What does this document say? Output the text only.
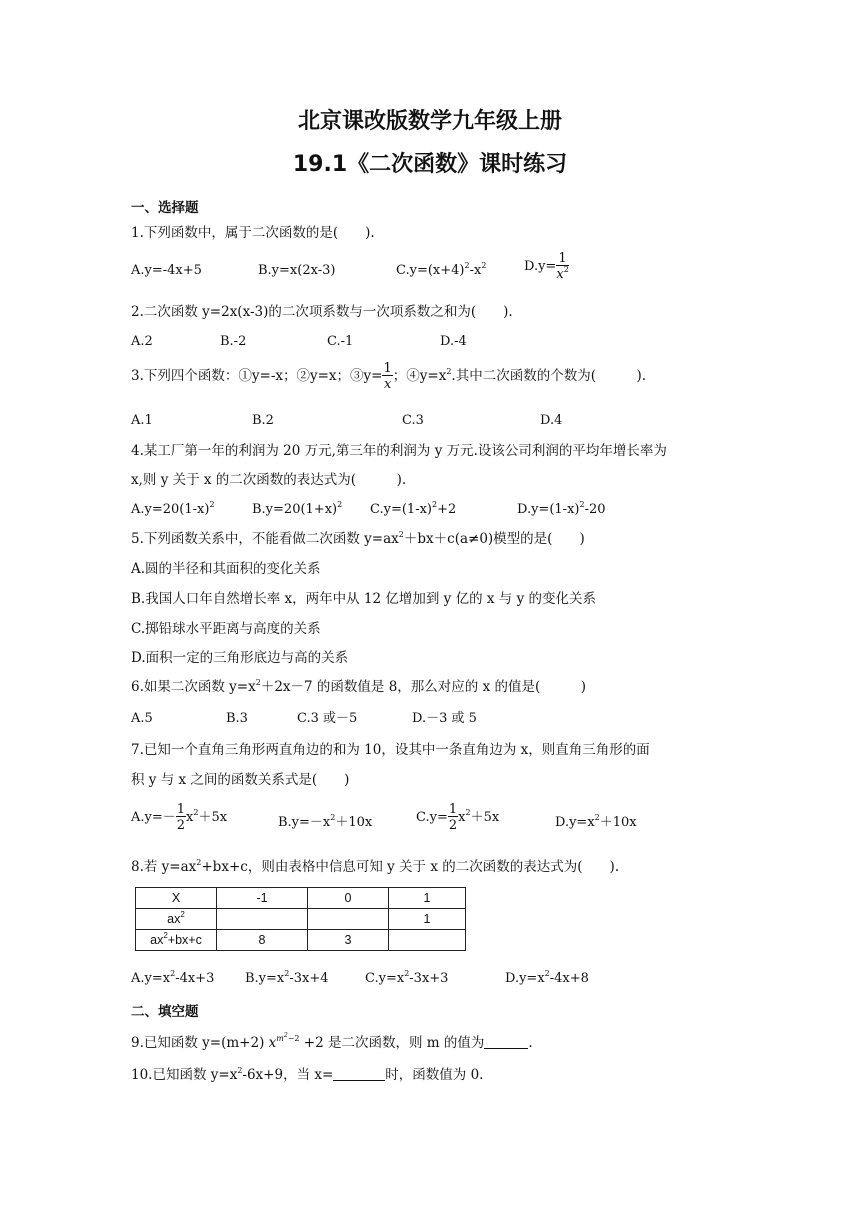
北京课改版数学九年级上册
19.1《二次函数》课时练习
一、选择题
1.下列函数中，属于二次函数的是(　　).
A.y=-4x+5	B.y=x(2x-3)	$C.y=(x+4)^2-x^2$	$D.y= \frac{1}{x^2}$
2.二次函数 y=2x(x-3)的二次项系数与一次项系数之和为(　　).
A.2	B.-2	C.-1	D.-4
3.下列四个函数：①y=-x；②y=x；③y= $\frac{1}{x}$ ；$④y=x^2$.其中二次函数的个数为(　　　).
A.1	B.2	C.3	D.4
4.某工厂第一年的利润为 20 万元,第三年的利润为 y 万元.设该公司利润的平均年增长率为
x,则 y 关于 x 的二次函数的表达式为(　　　).
$A.y=20(1-x)^2$	$B.y=20(1+x)^2$ $C.y=(1-x)^2+2$	$D.y=(1-x)^2-20$
5.下列函数关系中，不能看做二次函数 $y=ax^2+bx+c(a\ne 0)$模型的是(　　)
A.圆的半径和其面积的变化关系
B.我国人口年自然增长率 x，两年中从 12 亿增加到 y 亿的 x 与 y 的变化关系
C.掷铅球水平距离与高度的关系
D.面积一定的三角形底边与高的关系
6.如果二次函数 $y=x^2+2x-7$ 的函数值是 8，那么对应的 x 的值是(　　　)
A.5	B.3	C.3 或－5	D.－3 或 5
7.已知一个直角三角形两直角边的和为 10，设其中一条直角边为 x，则直角三角形的面
积 y 与 x 之间的函数关系式是(　　)
$A.y=- \frac{1}{2} x^2+5x$	$B.y=-x^2+10x$	$C.y= \frac{1}{2} x^2+5x$	$D.y=x^2+10x$
8.若 $y=ax^2+bx+c$，则由表格中信息可知 y 关于 x 的二次函数的表达式为(　　).
X	-1	0	1
$ax^2$			1
$ax^2+bx+c$	8	3	
$A.y=x^2-4x+3$ $B.y=x^2-3x+4$	$C.y=x^2-3x+3$	$D.y=x^2-4x+8$
二、填空题
9.已知函数 y=(m+2) $x^{m^2-2} +2$ 是二次函数，则 m 的值为	.
10.已知函数 $y=x^2-6x+9$，当 x=	时，函数值为 0.
